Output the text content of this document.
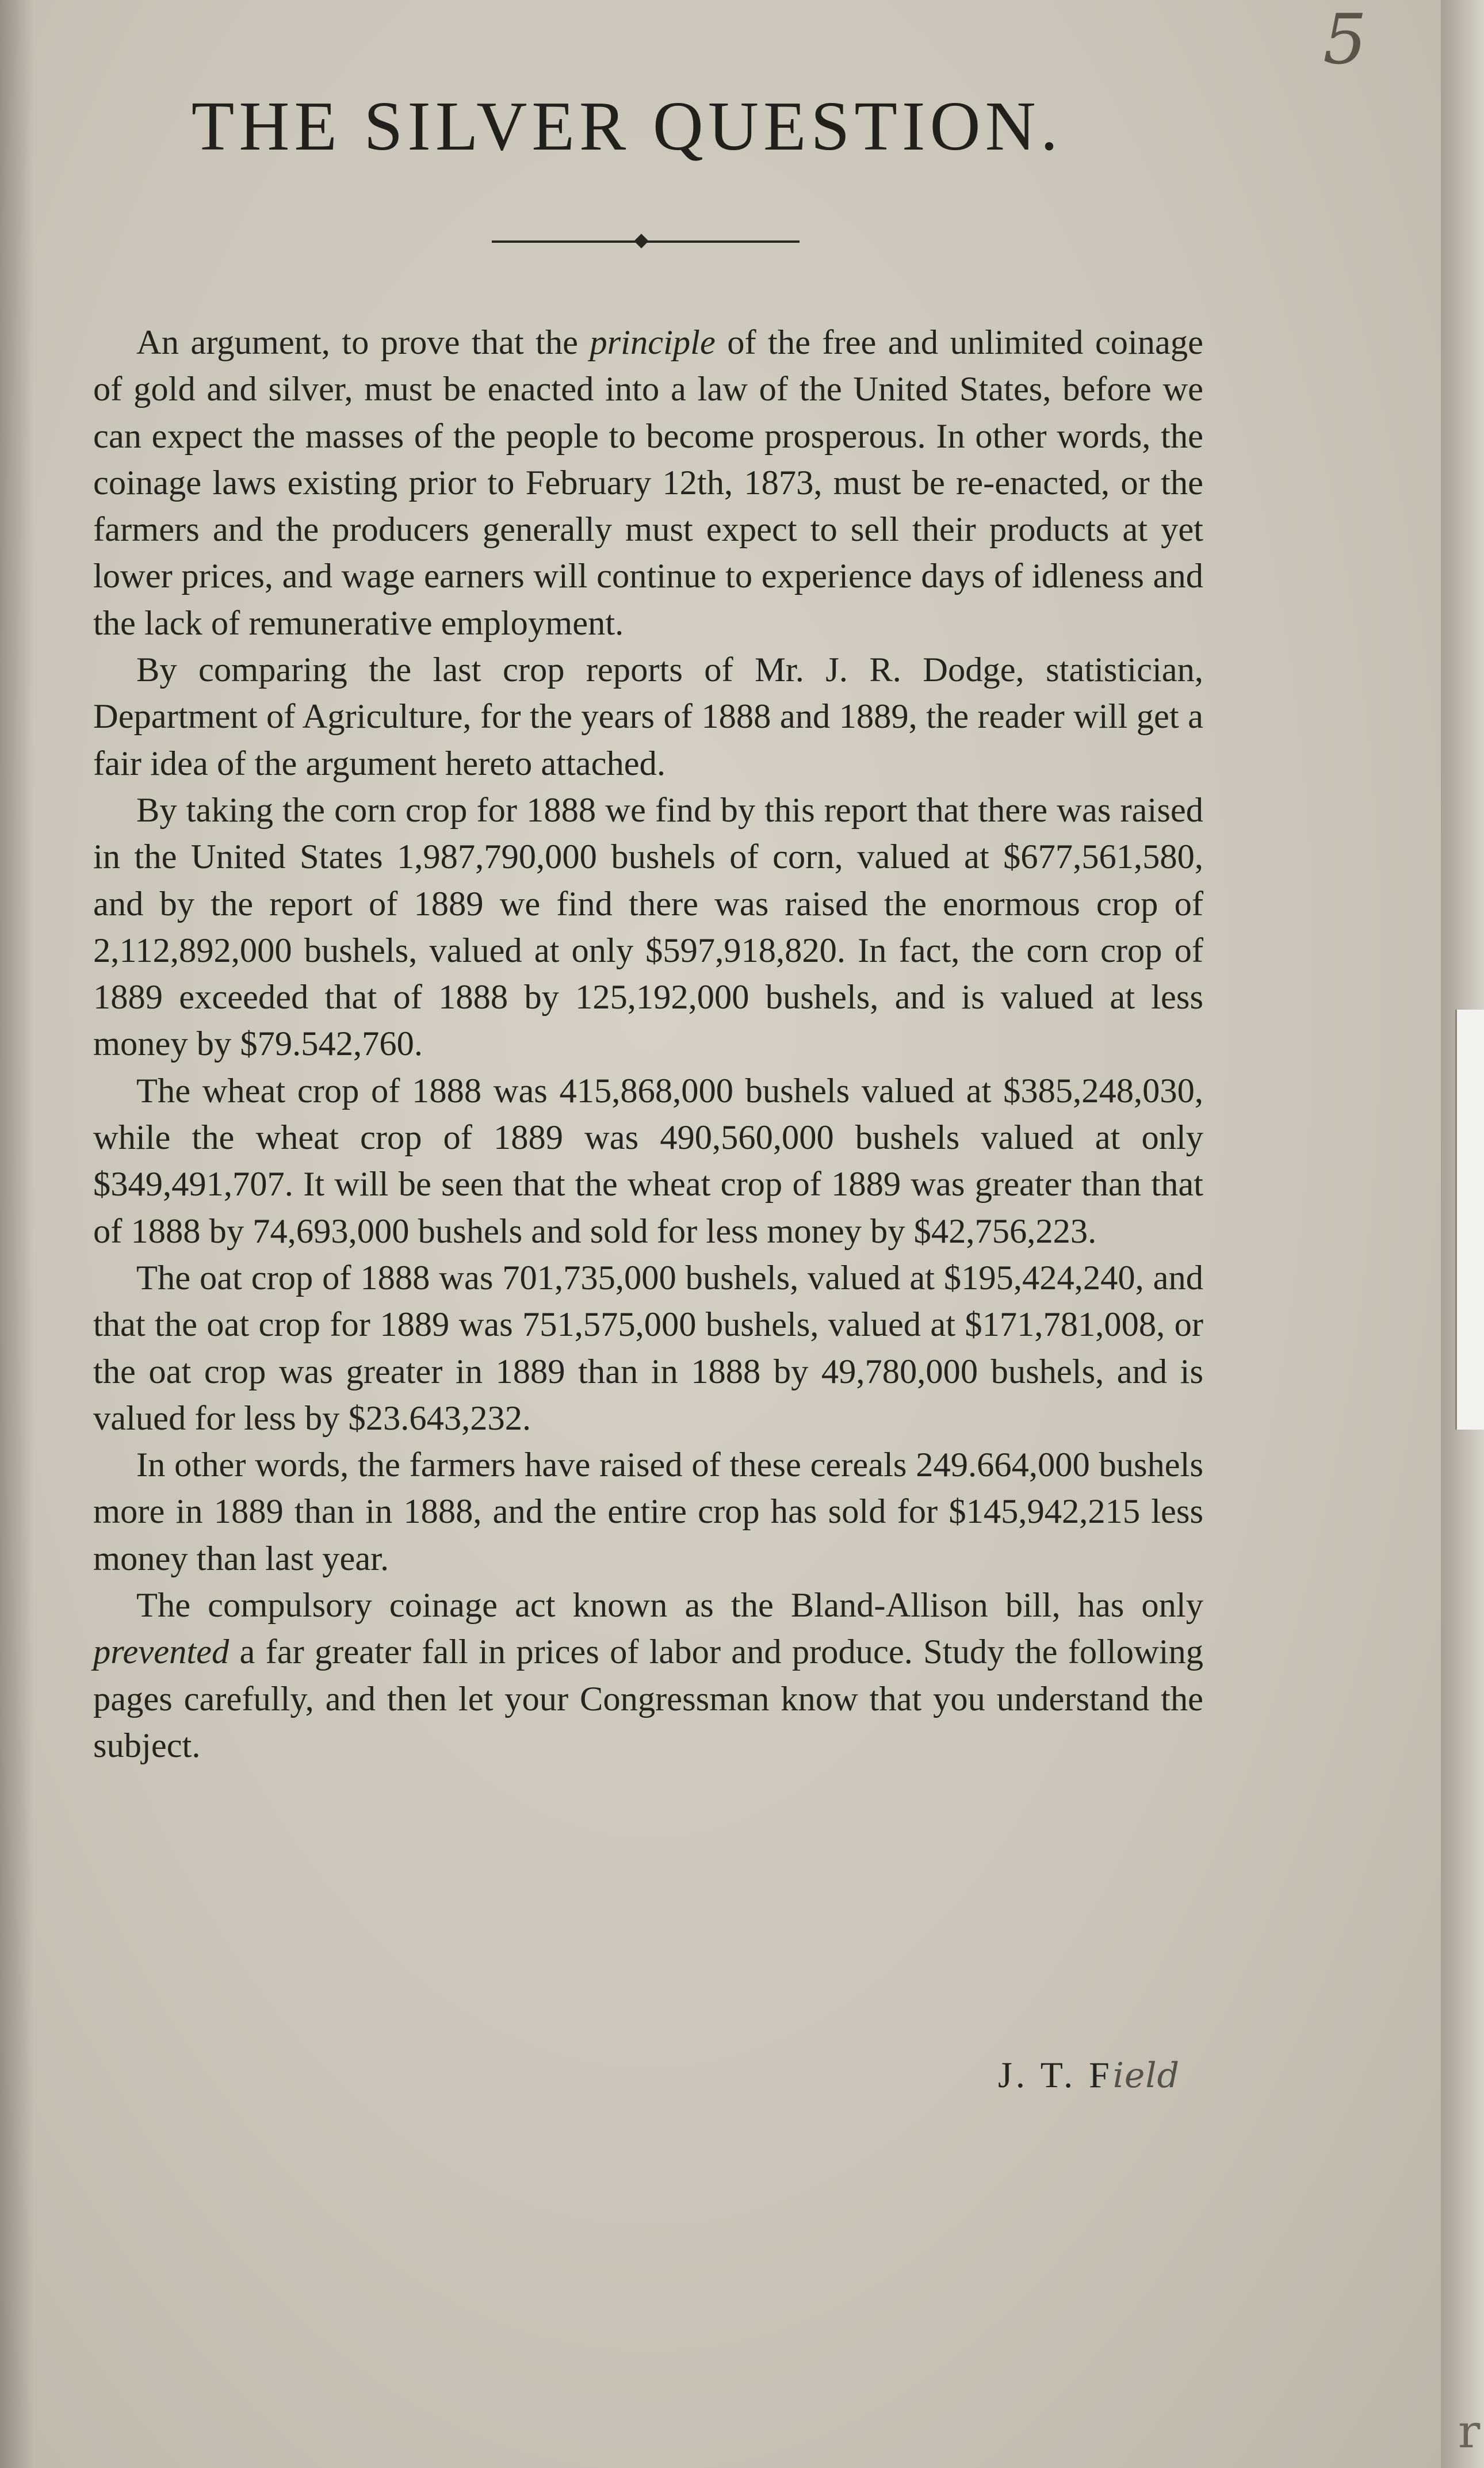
5
THE SILVER QUESTION.

An argument, to prove that the principle of the free and unlimited coinage of gold and silver, must be enacted into a law of the United States, before we can expect the masses of the people to become prosperous. In other words, the coinage laws existing prior to February 12th, 1873, must be re-enacted, or the farmers and the producers generally must expect to sell their products at yet lower prices, and wage earners will continue to experience days of idleness and the lack of remunerative employment.

By comparing the last crop reports of Mr. J. R. Dodge, statistician, Department of Agriculture, for the years of 1888 and 1889, the reader will get a fair idea of the argument hereto attached.

By taking the corn crop for 1888 we find by this report that there was raised in the United States 1,987,790,000 bushels of corn, valued at $677,561,580, and by the report of 1889 we find there was raised the enormous crop of 2,112,892,000 bushels, valued at only $597,918,820. In fact, the corn crop of 1889 exceeded that of 1888 by 125,192,000 bushels, and is valued at less money by $79.542,760.

The wheat crop of 1888 was 415,868,000 bushels valued at $385,248,030, while the wheat crop of 1889 was 490,560,000 bushels valued at only $349,491,707. It will be seen that the wheat crop of 1889 was greater than that of 1888 by 74,693,000 bushels and sold for less money by $42,756,223.

The oat crop of 1888 was 701,735,000 bushels, valued at $195,424,240, and that the oat crop for 1889 was 751,575,000 bushels, valued at $171,781,008, or the oat crop was greater in 1889 than in 1888 by 49,780,000 bushels, and is valued for less by $23.643,232.

In other words, the farmers have raised of these cereals 249.664,000 bushels more in 1889 than in 1888, and the entire crop has sold for $145,942,215 less money than last year.

The compulsory coinage act known as the Bland-Allison bill, has only prevented a far greater fall in prices of labor and produce. Study the following pages carefully, and then let your Congressman know that you understand the subject.

J. T. Field
r
